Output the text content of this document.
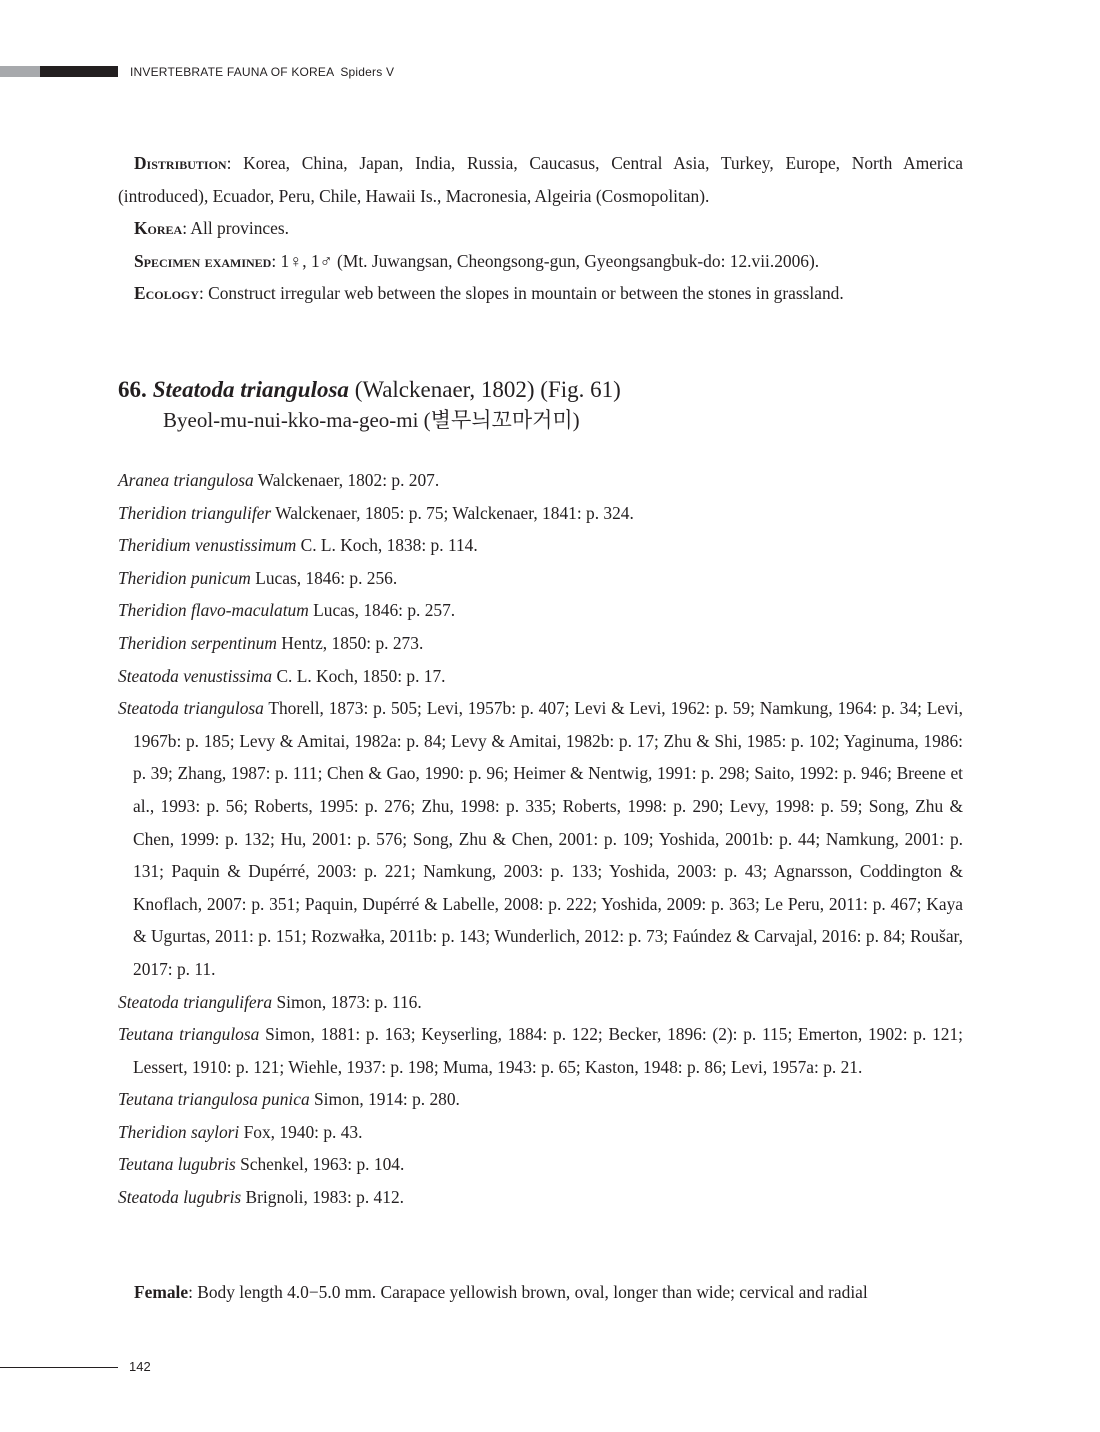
INVERTEBRATE FAUNA OF KOREA Spiders V

Distribution: Korea, China, Japan, India, Russia, Caucasus, Central Asia, Turkey, Europe, North America (introduced), Ecuador, Peru, Chile, Hawaii Is., Macronesia, Algeiria (Cosmopolitan).

Korea: All provinces.

Specimen examined: 1♀, 1♂ (Mt. Juwangsan, Cheongsong-gun, Gyeongsangbuk-do: 12.vii.2006).

Ecology: Construct irregular web between the slopes in mountain or between the stones in grassland.

66. Steatoda triangulosa (Walckenaer, 1802) (Fig. 61)
Byeol-mu-nui-kko-ma-geo-mi (별무늬꼬마거미)

Aranea triangulosa Walckenaer, 1802: p. 207.

Theridion triangulifer Walckenaer, 1805: p. 75; Walckenaer, 1841: p. 324.

Theridium venustissimum C. L. Koch, 1838: p. 114.

Theridion punicum Lucas, 1846: p. 256.

Theridion flavo-maculatum Lucas, 1846: p. 257.

Theridion serpentinum Hentz, 1850: p. 273.

Steatoda venustissima C. L. Koch, 1850: p. 17.

Steatoda triangulosa Thorell, 1873: p. 505; Levi, 1957b: p. 407; Levi & Levi, 1962: p. 59; Namkung, 1964: p. 34; Levi, 1967b: p. 185; Levy & Amitai, 1982a: p. 84; Levy & Amitai, 1982b: p. 17; Zhu & Shi, 1985: p. 102; Yaginuma, 1986: p. 39; Zhang, 1987: p. 111; Chen & Gao, 1990: p. 96; Heimer & Nentwig, 1991: p. 298; Saito, 1992: p. 946; Breene et al., 1993: p. 56; Roberts, 1995: p. 276; Zhu, 1998: p. 335; Roberts, 1998: p. 290; Levy, 1998: p. 59; Song, Zhu & Chen, 1999: p. 132; Hu, 2001: p. 576; Song, Zhu & Chen, 2001: p. 109; Yoshida, 2001b: p. 44; Namkung, 2001: p. 131; Paquin & Dupérré, 2003: p. 221; Namkung, 2003: p. 133; Yoshida, 2003: p. 43; Agnarsson, Coddington & Knoflach, 2007: p. 351; Paquin, Dupérré & Labelle, 2008: p. 222; Yoshida, 2009: p. 363; Le Peru, 2011: p. 467; Kaya & Ugurtas, 2011: p. 151; Rozwałka, 2011b: p. 143; Wunderlich, 2012: p. 73; Faúndez & Carvajal, 2016: p. 84; Roušar, 2017: p. 11.

Steatoda triangulifera Simon, 1873: p. 116.

Teutana triangulosa Simon, 1881: p. 163; Keyserling, 1884: p. 122; Becker, 1896: (2): p. 115; Emerton, 1902: p. 121; Lessert, 1910: p. 121; Wiehle, 1937: p. 198; Muma, 1943: p. 65; Kaston, 1948: p. 86; Levi, 1957a: p. 21.

Teutana triangulosa punica Simon, 1914: p. 280.

Theridion saylori Fox, 1940: p. 43.

Teutana lugubris Schenkel, 1963: p. 104.

Steatoda lugubris Brignoli, 1983: p. 412.

Female: Body length 4.0−5.0 mm. Carapace yellowish brown, oval, longer than wide; cervical and radial

142
